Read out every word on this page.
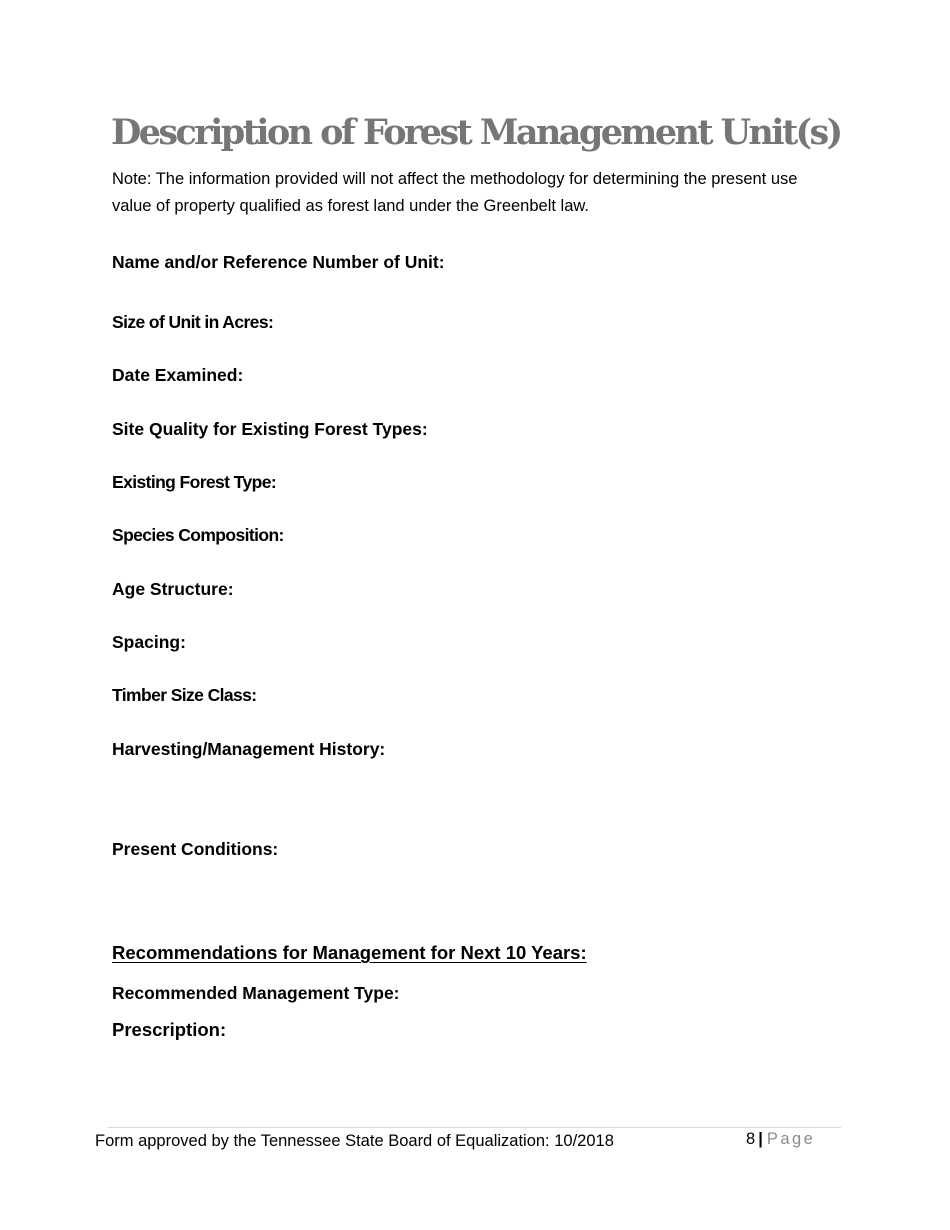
Description of Forest Management Unit(s)

Note: The information provided will not affect the methodology for determining the present use value of property qualified as forest land under the Greenbelt law.

Name and/or Reference Number of Unit:
Size of Unit in Acres:
Date Examined:
Site Quality for Existing Forest Types:
Existing Forest Type:
Species Composition:
Age Structure:
Spacing:
Timber Size Class:
Harvesting/Management History:
Present Conditions:
Recommendations for Management for Next 10 Years:
Recommended Management Type:
Prescription:
Form approved by the Tennessee State Board of Equalization: 10/2018	8 | Page
